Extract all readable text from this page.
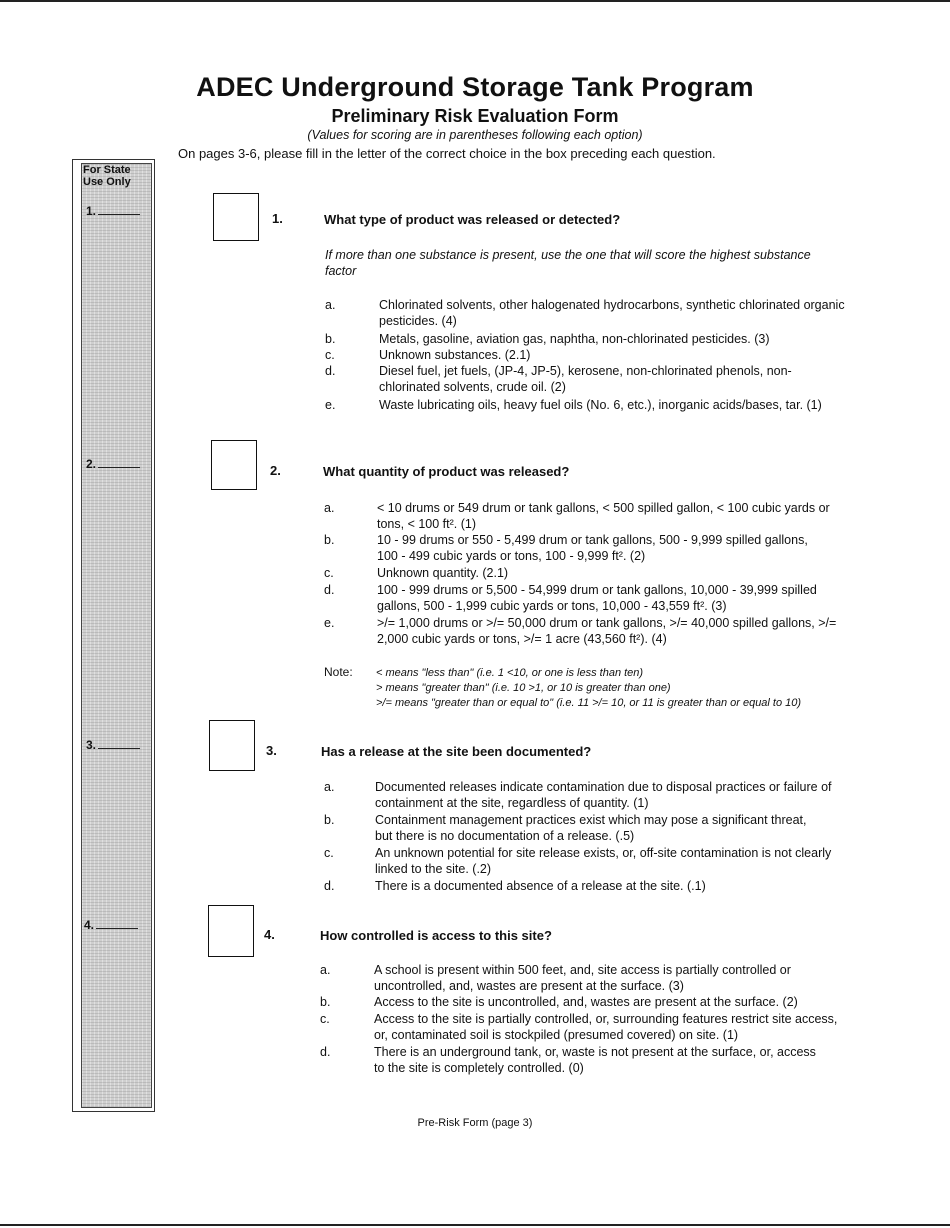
ADEC Underground Storage Tank Program
Preliminary Risk Evaluation Form
(Values for scoring are in parentheses following each option)
On pages 3-6, please fill in the letter of the correct choice in the box preceding each question.
For State
Use Only
1.
2.
3.
4.
1.	What type of product was released or detected?
If more than one substance is present, use the one that will score the highest substance factor
a.	Chlorinated solvents, other halogenated hydrocarbons, synthetic chlorinated organic pesticides. (4)
b.	Metals, gasoline, aviation gas, naphtha, non-chlorinated pesticides. (3)
c.	Unknown substances. (2.1)
d.	Diesel fuel, jet fuels, (JP-4, JP-5), kerosene, non-chlorinated phenols, non-chlorinated solvents, crude oil. (2)
e.	Waste lubricating oils, heavy fuel oils (No. 6, etc.), inorganic acids/bases, tar. (1)
2.	What quantity of product was released?
a.	< 10 drums or 549 drum or tank gallons, < 500 spilled gallon, < 100 cubic yards or tons, < 100 ft². (1)
b.	10 - 99 drums or 550 - 5,499 drum or tank gallons, 500 - 9,999 spilled gallons, 100 - 499 cubic yards or tons, 100 - 9,999 ft². (2)
c.	Unknown quantity. (2.1)
d.	100 - 999 drums or 5,500 - 54,999 drum or tank gallons, 10,000 - 39,999 spilled gallons, 500 - 1,999 cubic yards or tons, 10,000 - 43,559 ft². (3)
e.	>/= 1,000 drums or >/= 50,000 drum or tank gallons, >/= 40,000 spilled gallons, >/= 2,000 cubic yards or tons, >/= 1 acre (43,560 ft²). (4)
Note: < means "less than" (i.e. 1 <10, or one is less than ten)
> means "greater than" (i.e. 10 >1, or 10 is greater than one)
>/= means "greater than or equal to" (i.e. 11 >/= 10, or 11 is greater than or equal to 10)
3.	Has a release at the site been documented?
a.	Documented releases indicate contamination due to disposal practices or failure of containment at the site, regardless of quantity. (1)
b.	Containment management practices exist which may pose a significant threat, but there is no documentation of a release. (.5)
c.	An unknown potential for site release exists, or, off-site contamination is not clearly linked to the site. (.2)
d.	There is a documented absence of a release at the site. (.1)
4.	How controlled is access to this site?
a.	A school is present within 500 feet, and, site access is partially controlled or uncontrolled, and, wastes are present at the surface. (3)
b.	Access to the site is uncontrolled, and, wastes are present at the surface. (2)
c.	Access to the site is partially controlled, or, surrounding features restrict site access, or, contaminated soil is stockpiled (presumed covered) on site. (1)
d.	There is an underground tank, or, waste is not present at the surface, or, access to the site is completely controlled. (0)
Pre-Risk Form (page 3)
